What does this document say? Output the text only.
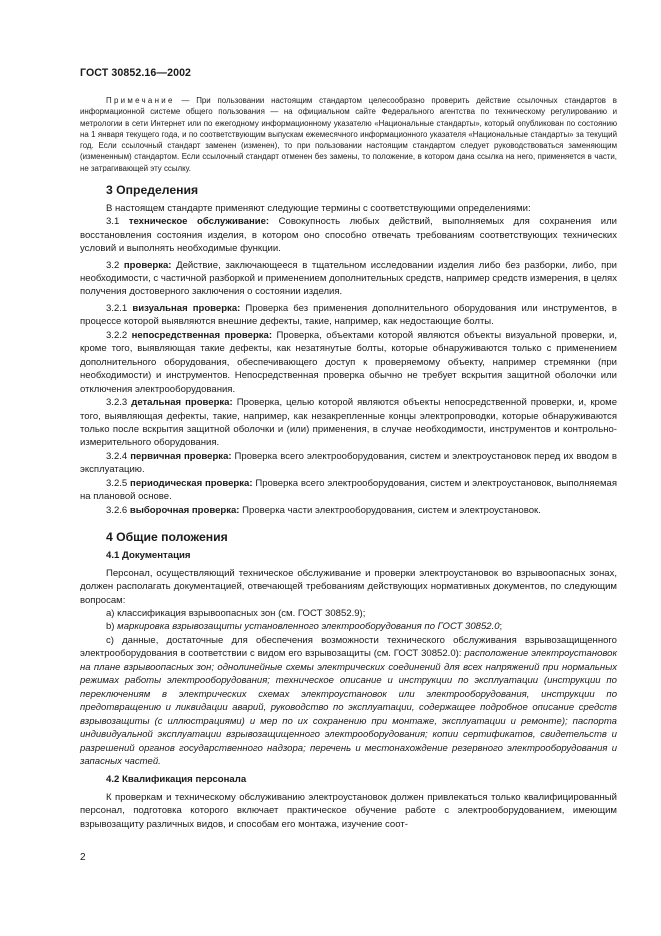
ГОСТ 30852.16—2002

Примечание — При пользовании настоящим стандартом целесообразно проверить действие ссылочных стандартов в информационной системе общего пользования — на официальном сайте Федерального агентства по техническому регулированию и метрологии в сети Интернет или по ежегодному информационному указателю «Национальные стандарты», который опубликован по состоянию на 1 января текущего года, и по соответствующим выпускам ежемесячного информационного указателя «Национальные стандарты» за текущий год. Если ссылочный стандарт заменен (изменен), то при пользовании настоящим стандартом следует руководствоваться заменяющим (измененным) стандартом. Если ссылочный стандарт отменен без замены, то положение, в котором дана ссылка на него, применяется в части, не затрагивающей эту ссылку.

3 Определения

В настоящем стандарте применяют следующие термины с соответствующими определениями:

3.1 техническое обслуживание: Совокупность любых действий, выполняемых для сохранения или восстановления состояния изделия, в котором оно способно отвечать требованиям соответствующих технических условий и выполнять необходимые функции.

3.2 проверка: Действие, заключающееся в тщательном исследовании изделия либо без разборки, либо, при необходимости, с частичной разборкой и применением дополнительных средств, например средств измерения, в целях получения достоверного заключения о состоянии изделия.

3.2.1 визуальная проверка: Проверка без применения дополнительного оборудования или инструментов, в процессе которой выявляются внешние дефекты, такие, например, как недостающие болты.

3.2.2 непосредственная проверка: Проверка, объектами которой являются объекты визуальной проверки, и, кроме того, выявляющая такие дефекты, как незатянутые болты, которые обнаруживаются только с применением дополнительного оборудования, обеспечивающего доступ к проверяемому объекту, например стремянки (при необходимости) и инструментов. Непосредственная проверка обычно не требует вскрытия защитной оболочки или отключения электрооборудования.

3.2.3 детальная проверка: Проверка, целью которой являются объекты непосредственной проверки, и, кроме того, выявляющая дефекты, такие, например, как незакрепленные концы электропроводки, которые обнаруживаются только после вскрытия защитной оболочки и (или) применения, в случае необходимости, инструментов и контрольно-измерительного оборудования.

3.2.4 первичная проверка: Проверка всего электрооборудования, систем и электроустановок перед их вводом в эксплуатацию.

3.2.5 периодическая проверка: Проверка всего электрооборудования, систем и электроустановок, выполняемая на плановой основе.

3.2.6 выборочная проверка: Проверка части электрооборудования, систем и электроустановок.

4 Общие положения

4.1 Документация

Персонал, осуществляющий техническое обслуживание и проверки электроустановок во взрывоопасных зонах, должен располагать документацией, отвечающей требованиям действующих нормативных документов, по следующим вопросам:

a) классификация взрывоопасных зон (см. ГОСТ 30852.9);

b) маркировка взрывозащиты установленного электрооборудования по ГОСТ 30852.0;

c) данные, достаточные для обеспечения возможности технического обслуживания взрывозащищенного электрооборудования в соответствии с видом его взрывозащиты (см. ГОСТ 30852.0): расположение электроустановок на плане взрывоопасных зон; однолинейные схемы электрических соединений для всех напряжений при нормальных режимах работы электрооборудования; техническое описание и инструкции по эксплуатации (инструкции по переключениям в электрических схемах электроустановок или электрооборудования, инструкции по предотвращению и ликвидации аварий, руководство по эксплуатации, содержащее подробное описание средств взрывозащиты (с иллюстрациями) и мер по их сохранению при монтаже, эксплуатации и ремонте); паспорта индивидуальной эксплуатации взрывозащищенного электрооборудования; копии сертификатов, свидетельств и разрешений органов государственного надзора; перечень и местонахождение резервного электрооборудования и запасных частей.

4.2 Квалификация персонала

К проверкам и техническому обслуживанию электроустановок должен привлекаться только квалифицированный персонал, подготовка которого включает практическое обучение работе с электрооборудованием, имеющим взрывозащиту различных видов, и способам его монтажа, изучение соот-

2
